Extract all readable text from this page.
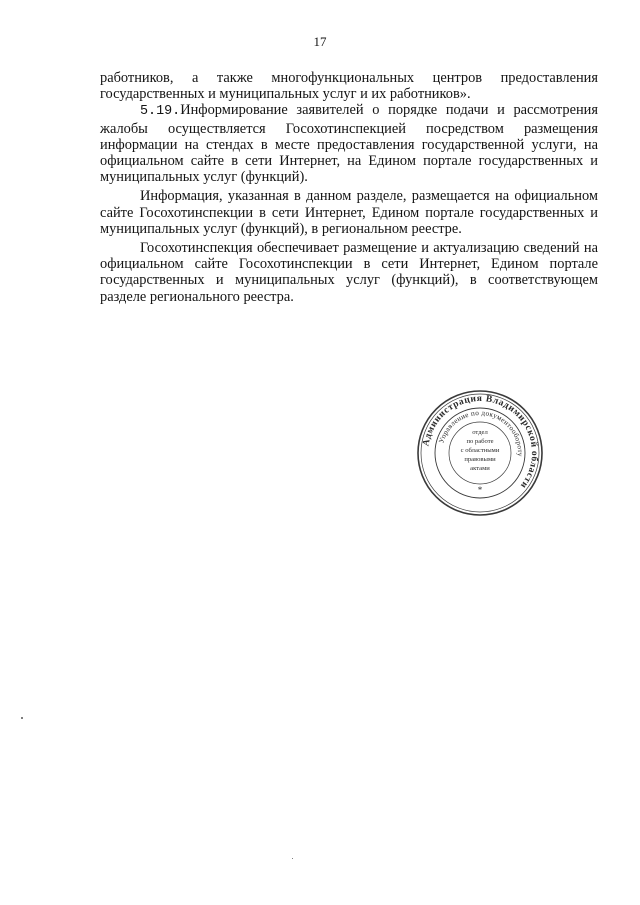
17

работников, а также многофункциональных центров предоставления государственных и муниципальных услуг и их работников».

5.19.Информирование заявителей о порядке подачи и рассмотрения жалобы осуществляется Госохотинспекцией посредством размещения информации на стендах в месте предоставления государственной услуги, на официальном сайте в сети Интернет, на Едином портале государственных и муниципальных услуг (функций).

Информация, указанная в данном разделе, размещается на официальном сайте Госохотинспекции в сети Интернет, Едином портале государственных и муниципальных услуг (функций), в региональном реестре.

Госохотинспекция обеспечивает размещение и актуализацию сведений на официальном сайте Госохотинспекции в сети Интернет, Едином портале государственных и муниципальных услуг (функций), в соответствующем разделе регионального реестра.

Администрация Владимирской области
Управление по документообороту
отдел
по работе
с областными
правовыми
актами
*
